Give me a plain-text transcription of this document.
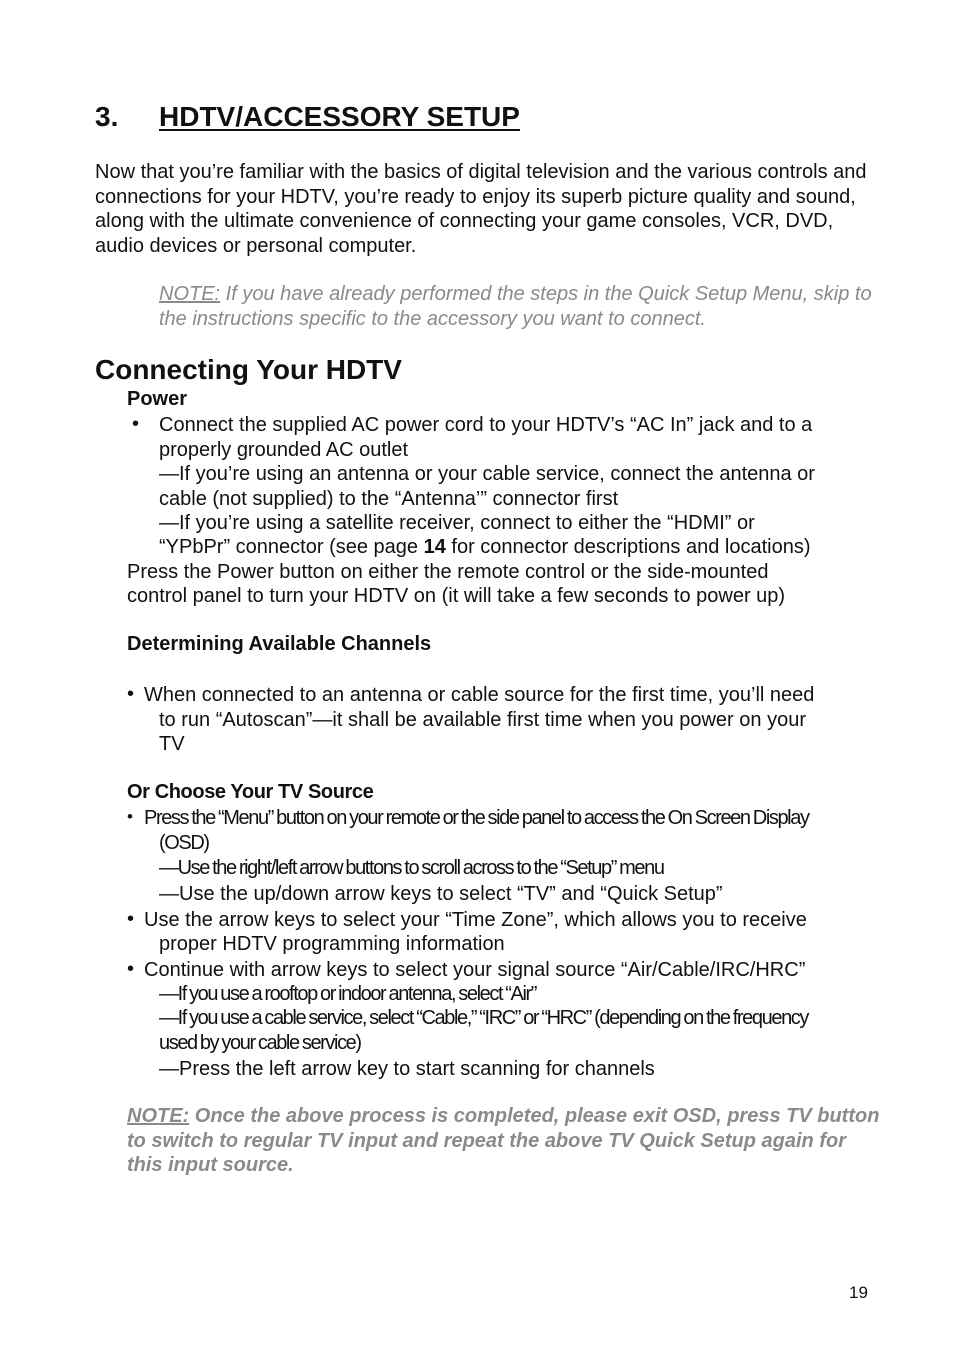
3. HDTV/ACCESSORY SETUP
Now that you’re familiar with the basics of digital television and the various controls and connections for your HDTV, you’re ready to enjoy its superb picture quality and sound, along with the ultimate convenience of connecting your game consoles, VCR, DVD, audio devices or personal computer.
NOTE: If you have already performed the steps in the Quick Setup Menu, skip to the instructions specific to the accessory you want to connect.
Connecting Your HDTV
Power
• Connect the supplied AC power cord to your HDTV’s “AC In” jack and to a
properly grounded AC outlet
—If you’re using an antenna or your cable service, connect the antenna or
cable (not supplied) to the “Antenna’” connector first
—If you’re using a satellite receiver, connect to either the “HDMI” or
“YPbPr” connector (see page 14 for connector descriptions and locations)
Press the Power button on either the remote control or the side-mounted
control panel to turn your HDTV on (it will take a few seconds to power up)
Determining Available Channels
• When connected to an antenna or cable source for the first time, you’ll need
to run “Autoscan”—it shall be available first time when you power on your
TV
Or Choose Your TV Source
• Press the “Menu” button on your remote or the side panel to access the On Screen Display
(OSD)
—Use the right/left arrow buttons to scroll across to the “Setup” menu
—Use the up/down arrow keys to select “TV” and “Quick Setup”
• Use the arrow keys to select your “Time Zone”, which allows you to receive
proper HDTV programming information
• Continue with arrow keys to select your signal source “Air/Cable/IRC/HRC”
—If you use a rooftop or indoor antenna, select “Air”
—If you use a cable service, select “Cable,” “IRC” or “HRC” (depending on the frequency
used by your cable service)
—Press the left arrow key to start scanning for channels
NOTE: Once the above process is completed, please exit OSD, press TV button to switch to regular TV input and repeat the above TV Quick Setup again for this input source.
19
